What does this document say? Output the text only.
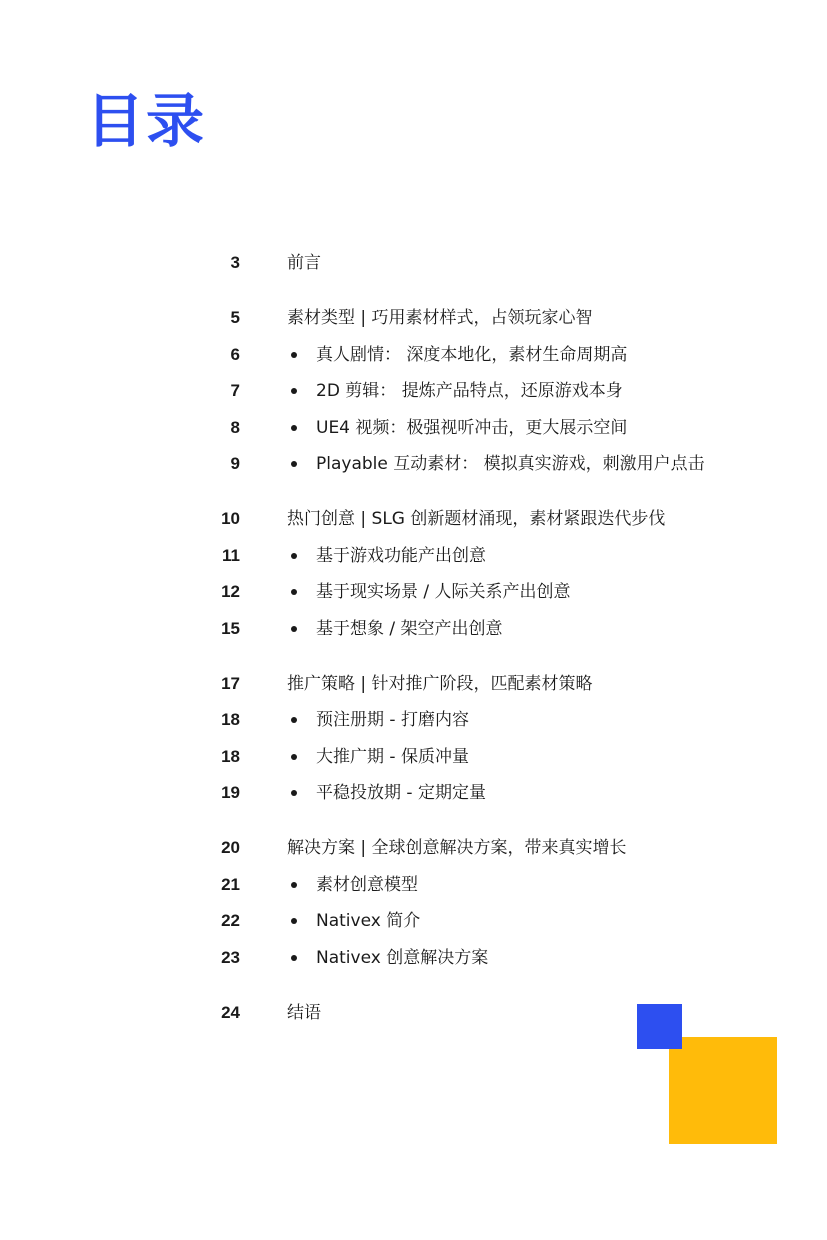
目录
3	前言
5	素材类型 | 巧用素材样式，占领玩家心智
6	真人剧情： 深度本地化，素材生命周期高
7	2D 剪辑： 提炼产品特点，还原游戏本身
8	UE4 视频：极强视听冲击，更大展示空间
9	Playable 互动素材： 模拟真实游戏，刺激用户点击
10	热门创意 | SLG 创新题材涌现，素材紧跟迭代步伐
11	基于游戏功能产出创意
12	基于现实场景 / 人际关系产出创意
15	基于想象 / 架空产出创意
17	推广策略 | 针对推广阶段，匹配素材策略
18	预注册期 - 打磨内容
18	大推广期 - 保质冲量
19	平稳投放期 - 定期定量
20	解决方案 | 全球创意解决方案，带来真实增长
21	素材创意模型
22	Nativex 简介
23	Nativex 创意解决方案
24	结语
